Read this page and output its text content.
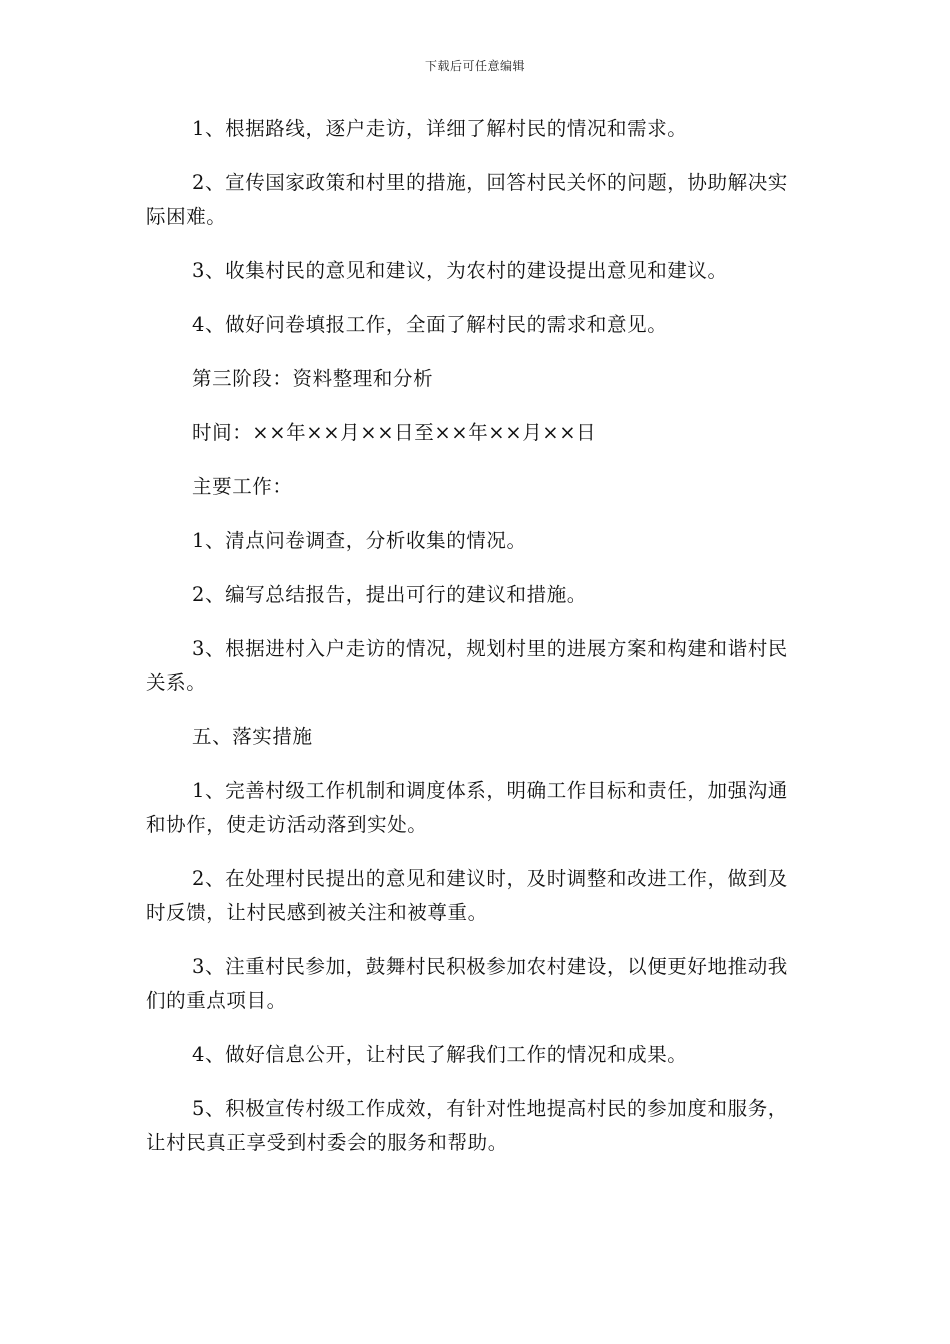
下载后可任意编辑

1、根据路线，逐户走访，详细了解村民的情况和需求。

2、宣传国家政策和村里的措施，回答村民关怀的问题，协助解决实际困难。

3、收集村民的意见和建议，为农村的建设提出意见和建议。

4、做好问卷填报工作，全面了解村民的需求和意见。

第三阶段：资料整理和分析

时间：××年××月××日至××年××月××日

主要工作：

1、清点问卷调查，分析收集的情况。

2、编写总结报告，提出可行的建议和措施。

3、根据进村入户走访的情况，规划村里的进展方案和构建和谐村民关系。

五、落实措施

1、完善村级工作机制和调度体系，明确工作目标和责任，加强沟通和协作，使走访活动落到实处。

2、在处理村民提出的意见和建议时，及时调整和改进工作，做到及时反馈，让村民感到被关注和被尊重。

3、注重村民参加，鼓舞村民积极参加农村建设，以便更好地推动我们的重点项目。

4、做好信息公开，让村民了解我们工作的情况和成果。

5、积极宣传村级工作成效，有针对性地提高村民的参加度和服务，让村民真正享受到村委会的服务和帮助。
